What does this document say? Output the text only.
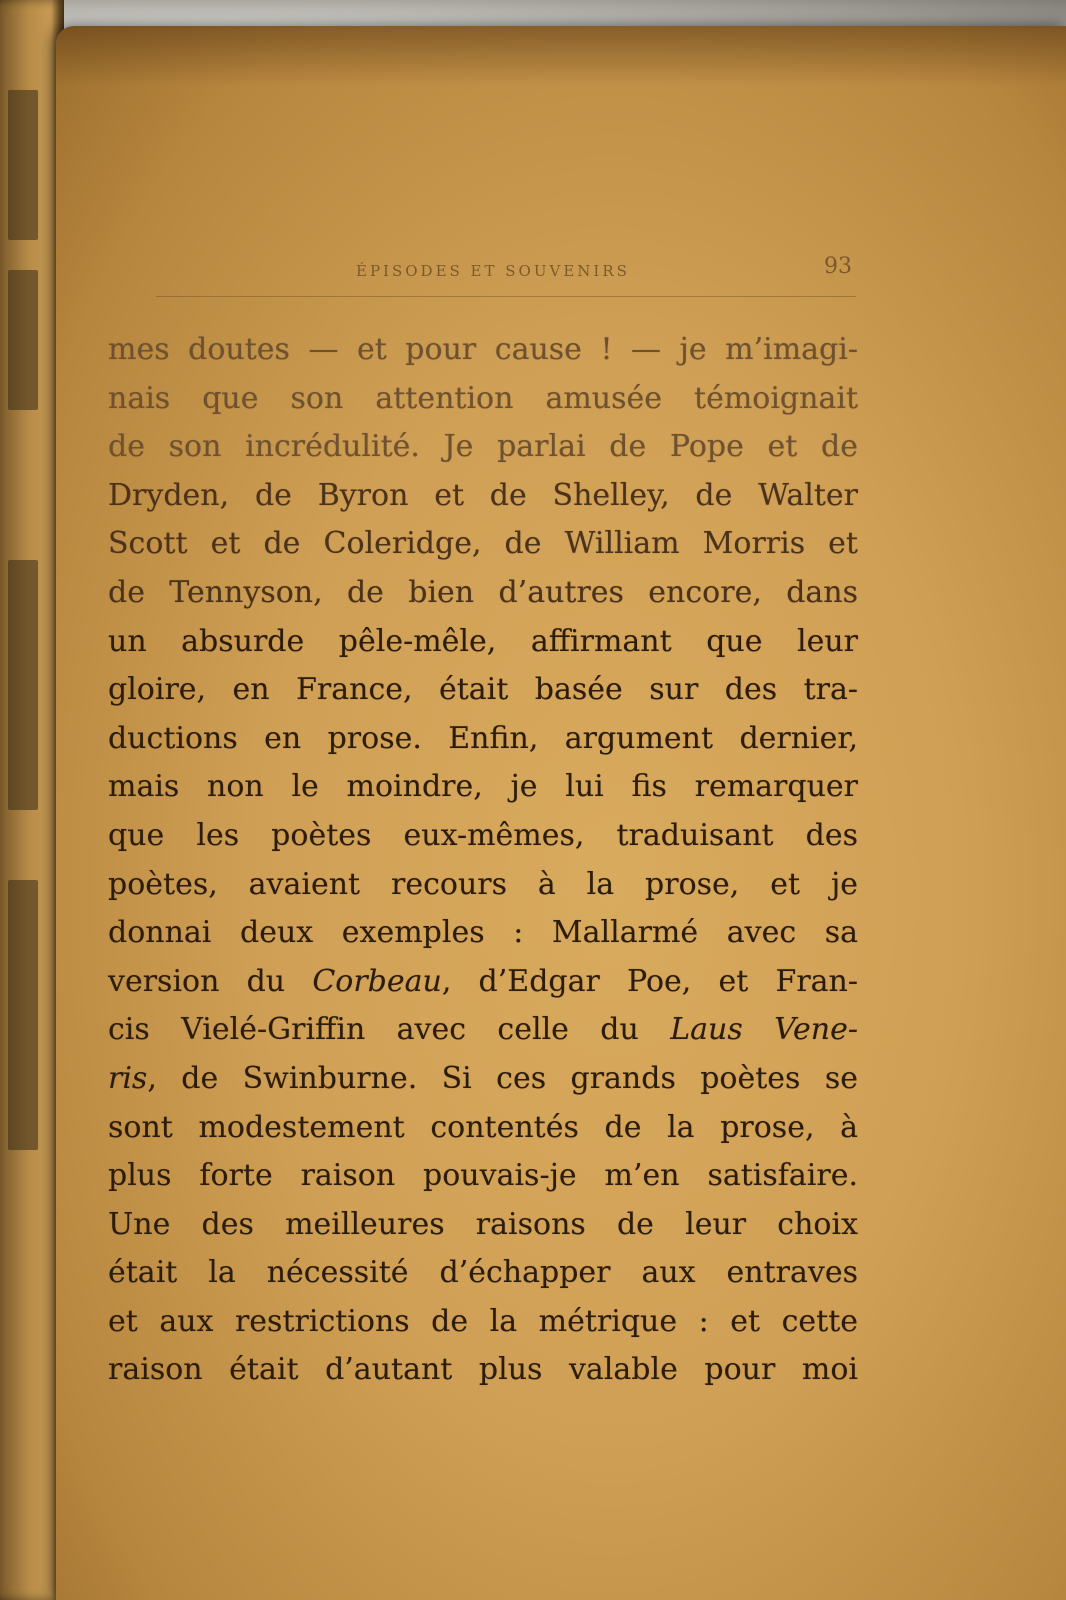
ÉPISODES ET SOUVENIRS	93
mes doutes — et pour cause ! — je m’imagi-
nais que son attention amusée témoignait
de son incrédulité. Je parlai de Pope et de
Dryden, de Byron et de Shelley, de Walter
Scott et de Coleridge, de William Morris et
de Tennyson, de bien d’autres encore, dans
un absurde pêle-mêle, affirmant que leur
gloire, en France, était basée sur des tra-
ductions en prose. Enfin, argument dernier,
mais non le moindre, je lui fis remarquer
que les poètes eux-mêmes, traduisant des
poètes, avaient recours à la prose, et je
donnai deux exemples : Mallarmé avec sa
version du Corbeau, d’Edgar Poe, et Fran-
cis Vielé-Griffin avec celle du Laus Vene-
ris, de Swinburne. Si ces grands poètes se
sont modestement contentés de la prose, à
plus forte raison pouvais-je m’en satisfaire.
Une des meilleures raisons de leur choix
était la nécessité d’échapper aux entraves
et aux restrictions de la métrique : et cette
raison était d’autant plus valable pour moi
